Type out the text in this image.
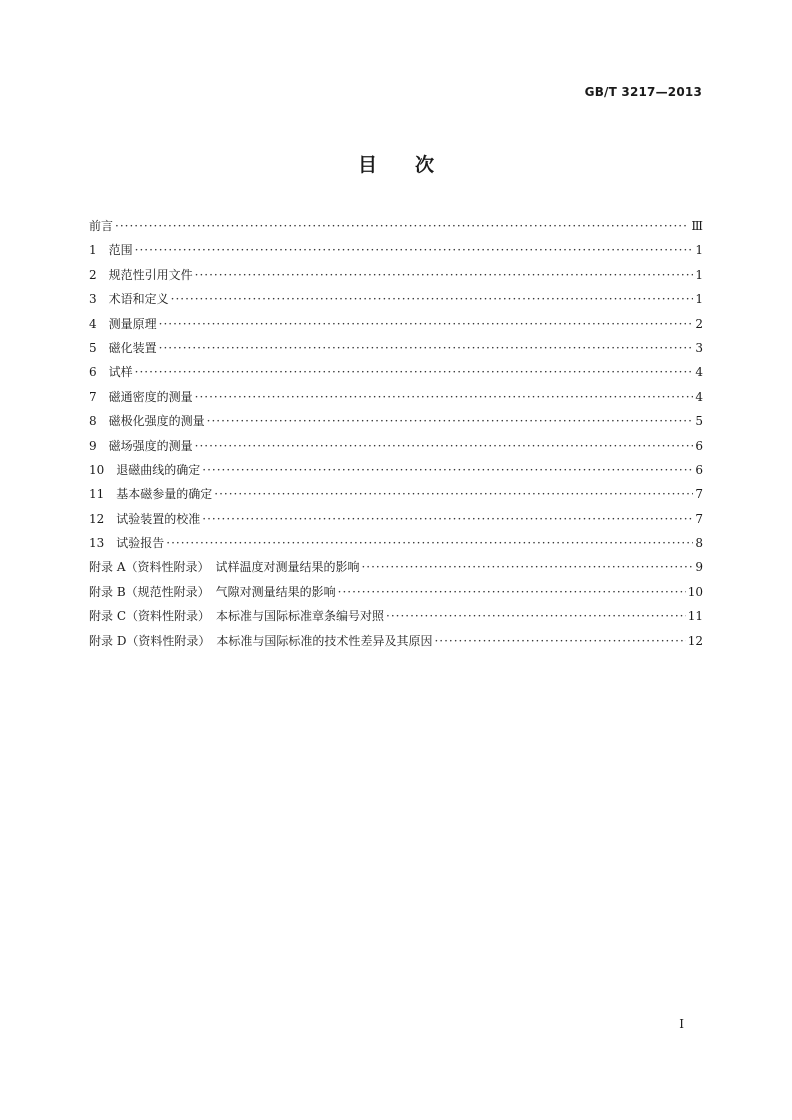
GB/T 3217—2013
目 次
前言 ·····	Ⅲ
1　范围 ·····	1
2　规范性引用文件 ·····	1
3　术语和定义 ·····	1
4　测量原理 ·····	2
5　磁化装置 ·····	3
6　试样 ·····	4
7　磁通密度的测量 ·····	4
8　磁极化强度的测量 ·····	5
9　磁场强度的测量 ·····	6
10　退磁曲线的确定 ·····	6
11　基本磁参量的确定 ·····	7
12　试验装置的校准 ·····	7
13　试验报告 ·····	8
附录 A（资料性附录）　试样温度对测量结果的影响 ·····	9
附录 B（规范性附录）　气隙对测量结果的影响 ·····	10
附录 C（资料性附录）　本标准与国际标准章条编号对照 ·····	11
附录 D（资料性附录）　本标准与国际标准的技术性差异及其原因 ·····	12
I
